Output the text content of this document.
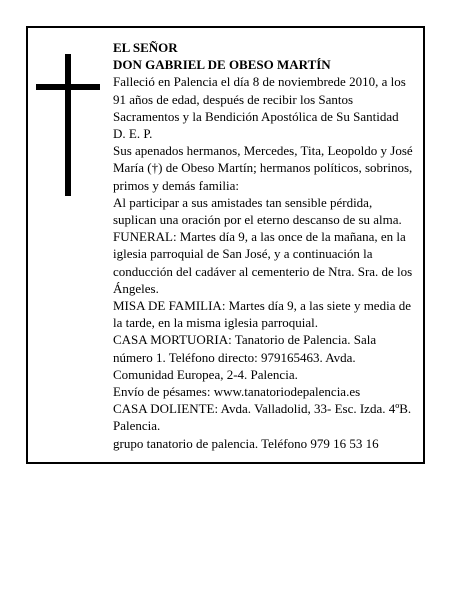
EL SEÑOR

DON GABRIEL DE OBESO MARTÍN

Falleció en Palencia el día 8 de noviembrede 2010, a los 91 años de edad, después de recibir los Santos Sacramentos y la Bendición Apostólica de Su Santidad D. E. P.

Sus apenados hermanos, Mercedes, Tita, Leopoldo y José María (†) de Obeso Martín; hermanos políticos, sobrinos, primos y demás familia:

Al participar a sus amistades tan sensible pérdida, suplican una oración por el eterno descanso de su alma.

FUNERAL: Martes día 9, a las once de la mañana, en la iglesia parroquial de San José, y a continuación la conducción del cadáver al cementerio de Ntra. Sra. de los Ángeles.

MISA DE FAMILIA: Martes día 9, a las siete y media de la tarde, en la misma iglesia parroquial.

CASA MORTUORIA: Tanatorio de Palencia. Sala número 1. Teléfono directo: 979165463. Avda. Comunidad Europea, 2-4. Palencia.

Envío de pésames: www.tanatoriodepalencia.es

CASA DOLIENTE: Avda. Valladolid, 33- Esc. Izda. 4ºB. Palencia.

grupo tanatorio de palencia. Teléfono 979 16 53 16
